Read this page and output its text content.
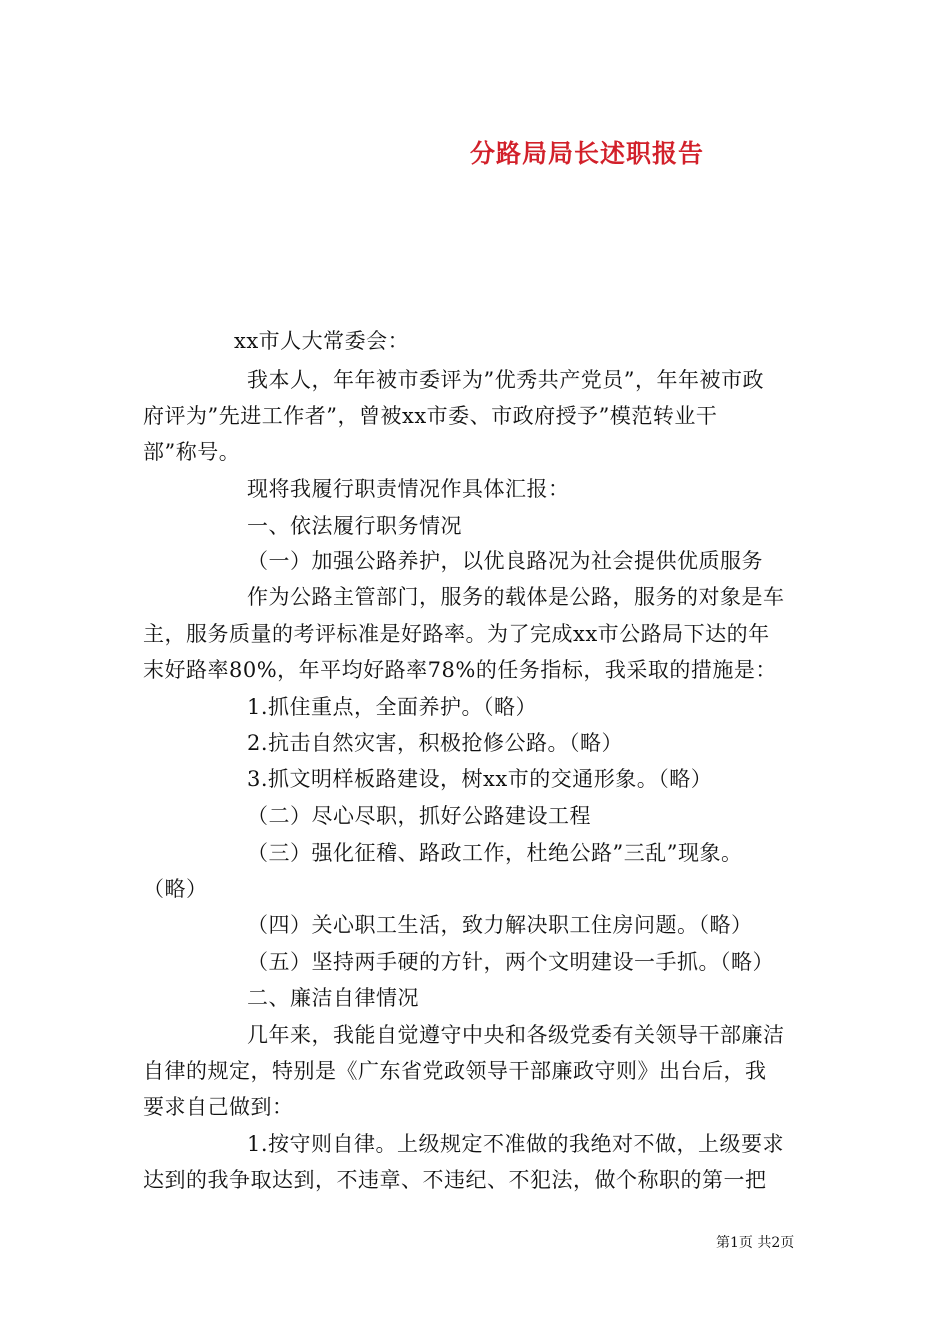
分路局局长述职报告
xx市人大常委会：
我本人，年年被市委评为”优秀共产党员”，年年被市政
府评为”先进工作者”，曾被xx市委、市政府授予”模范转业干
部”称号。
现将我履行职责情况作具体汇报：
一、依法履行职务情况
（一）加强公路养护，以优良路况为社会提供优质服务
作为公路主管部门，服务的载体是公路，服务的对象是车
主，服务质量的考评标准是好路率。为了完成xx市公路局下达的年
末好路率80%，年平均好路率78%的任务指标，我采取的措施是：
1.抓住重点，全面养护。（略）
2.抗击自然灾害，积极抢修公路。（略）
3.抓文明样板路建设，树xx市的交通形象。（略）
（二）尽心尽职，抓好公路建设工程
（三）强化征稽、路政工作，杜绝公路”三乱”现象。
（略）
（四）关心职工生活，致力解决职工住房问题。（略）
（五）坚持两手硬的方针，两个文明建设一手抓。（略）
二、廉洁自律情况
几年来，我能自觉遵守中央和各级党委有关领导干部廉洁
自律的规定，特别是《广东省党政领导干部廉政守则》出台后，我
要求自己做到：
1.按守则自律。上级规定不准做的我绝对不做，上级要求
达到的我争取达到，不违章、不违纪、不犯法，做个称职的第一把
第1页 共2页
